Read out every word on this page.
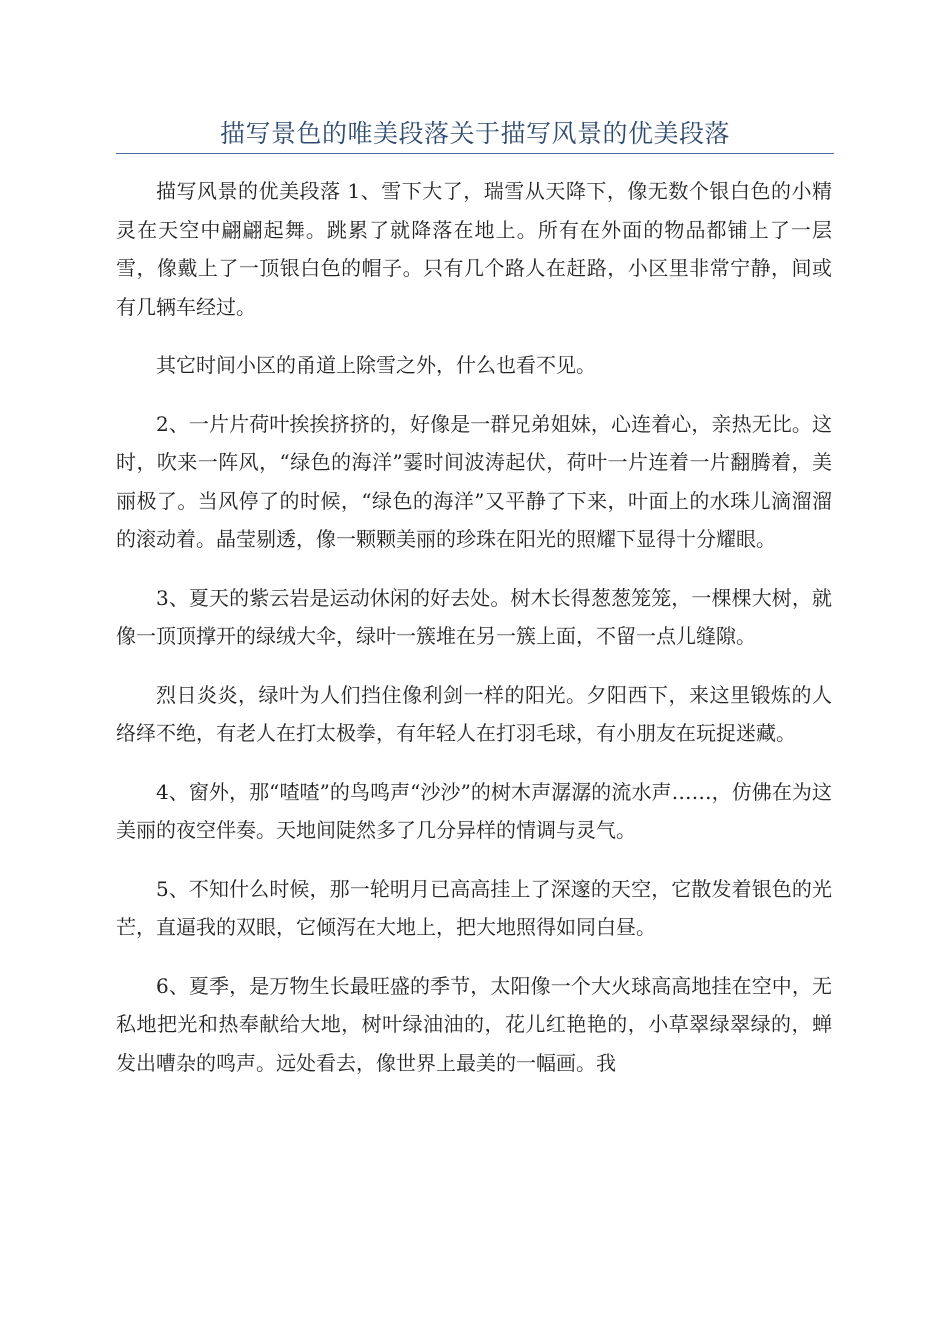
描写景色的唯美段落关于描写风景的优美段落

描写风景的优美段落 1、雪下大了，瑞雪从天降下，像无数个银白色的小精灵在天空中翩翩起舞。跳累了就降落在地上。所有在外面的物品都铺上了一层雪，像戴上了一顶银白色的帽子。只有几个路人在赶路，小区里非常宁静，间或有几辆车经过。

其它时间小区的甬道上除雪之外，什么也看不见。

2、一片片荷叶挨挨挤挤的，好像是一群兄弟姐妹，心连着心，亲热无比。这时，吹来一阵风，“绿色的海洋”霎时间波涛起伏，荷叶一片连着一片翻腾着，美丽极了。当风停了的时候，“绿色的海洋”又平静了下来，叶面上的水珠儿滴溜溜的滚动着。晶莹剔透，像一颗颗美丽的珍珠在阳光的照耀下显得十分耀眼。

3、夏天的紫云岩是运动休闲的好去处。树木长得葱葱笼笼，一棵棵大树，就像一顶顶撑开的绿绒大伞，绿叶一簇堆在另一簇上面，不留一点儿缝隙。

烈日炎炎，绿叶为人们挡住像利剑一样的阳光。夕阳西下，来这里锻炼的人络绎不绝，有老人在打太极拳，有年轻人在打羽毛球，有小朋友在玩捉迷藏。

4、窗外，那“喳喳”的鸟鸣声“沙沙”的树木声潺潺的流水声……，仿佛在为这美丽的夜空伴奏。天地间陡然多了几分异样的情调与灵气。

5、不知什么时候，那一轮明月已高高挂上了深邃的天空，它散发着银色的光芒，直逼我的双眼，它倾泻在大地上，把大地照得如同白昼。

6、夏季，是万物生长最旺盛的季节，太阳像一个大火球高高地挂在空中，无私地把光和热奉献给大地，树叶绿油油的，花儿红艳艳的，小草翠绿翠绿的，蝉发出嘈杂的鸣声。远处看去，像世界上最美的一幅画。我
